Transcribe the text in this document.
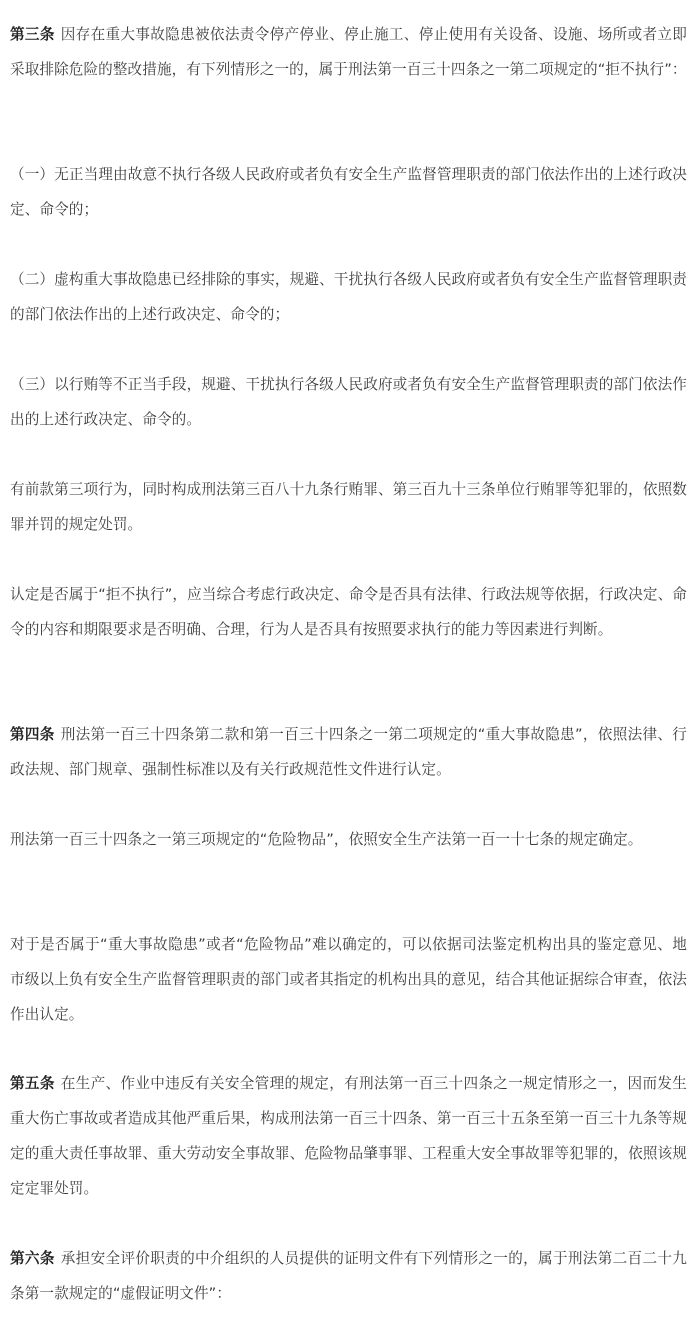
第三条 因存在重大事故隐患被依法责令停产停业、停止施工、停止使用有关设备、设施、场所或者立即采取排除危险的整改措施，有下列情形之一的，属于刑法第一百三十四条之一第二项规定的“拒不执行”：

（一）无正当理由故意不执行各级人民政府或者负有安全生产监督管理职责的部门依法作出的上述行政决定、命令的；

（二）虚构重大事故隐患已经排除的事实，规避、干扰执行各级人民政府或者负有安全生产监督管理职责的部门依法作出的上述行政决定、命令的；

（三）以行贿等不正当手段，规避、干扰执行各级人民政府或者负有安全生产监督管理职责的部门依法作出的上述行政决定、命令的。

有前款第三项行为，同时构成刑法第三百八十九条行贿罪、第三百九十三条单位行贿罪等犯罪的，依照数罪并罚的规定处罚。

认定是否属于“拒不执行”，应当综合考虑行政决定、命令是否具有法律、行政法规等依据，行政决定、命令的内容和期限要求是否明确、合理，行为人是否具有按照要求执行的能力等因素进行判断。

第四条 刑法第一百三十四条第二款和第一百三十四条之一第二项规定的“重大事故隐患”，依照法律、行政法规、部门规章、强制性标准以及有关行政规范性文件进行认定。

刑法第一百三十四条之一第三项规定的“危险物品”，依照安全生产法第一百一十七条的规定确定。

对于是否属于“重大事故隐患”或者“危险物品”难以确定的，可以依据司法鉴定机构出具的鉴定意见、地市级以上负有安全生产监督管理职责的部门或者其指定的机构出具的意见，结合其他证据综合审查，依法作出认定。

第五条 在生产、作业中违反有关安全管理的规定，有刑法第一百三十四条之一规定情形之一，因而发生重大伤亡事故或者造成其他严重后果，构成刑法第一百三十四条、第一百三十五条至第一百三十九条等规定的重大责任事故罪、重大劳动安全事故罪、危险物品肇事罪、工程重大安全事故罪等犯罪的，依照该规定定罪处罚。

第六条 承担安全评价职责的中介组织的人员提供的证明文件有下列情形之一的，属于刑法第二百二十九条第一款规定的“虚假证明文件”：
